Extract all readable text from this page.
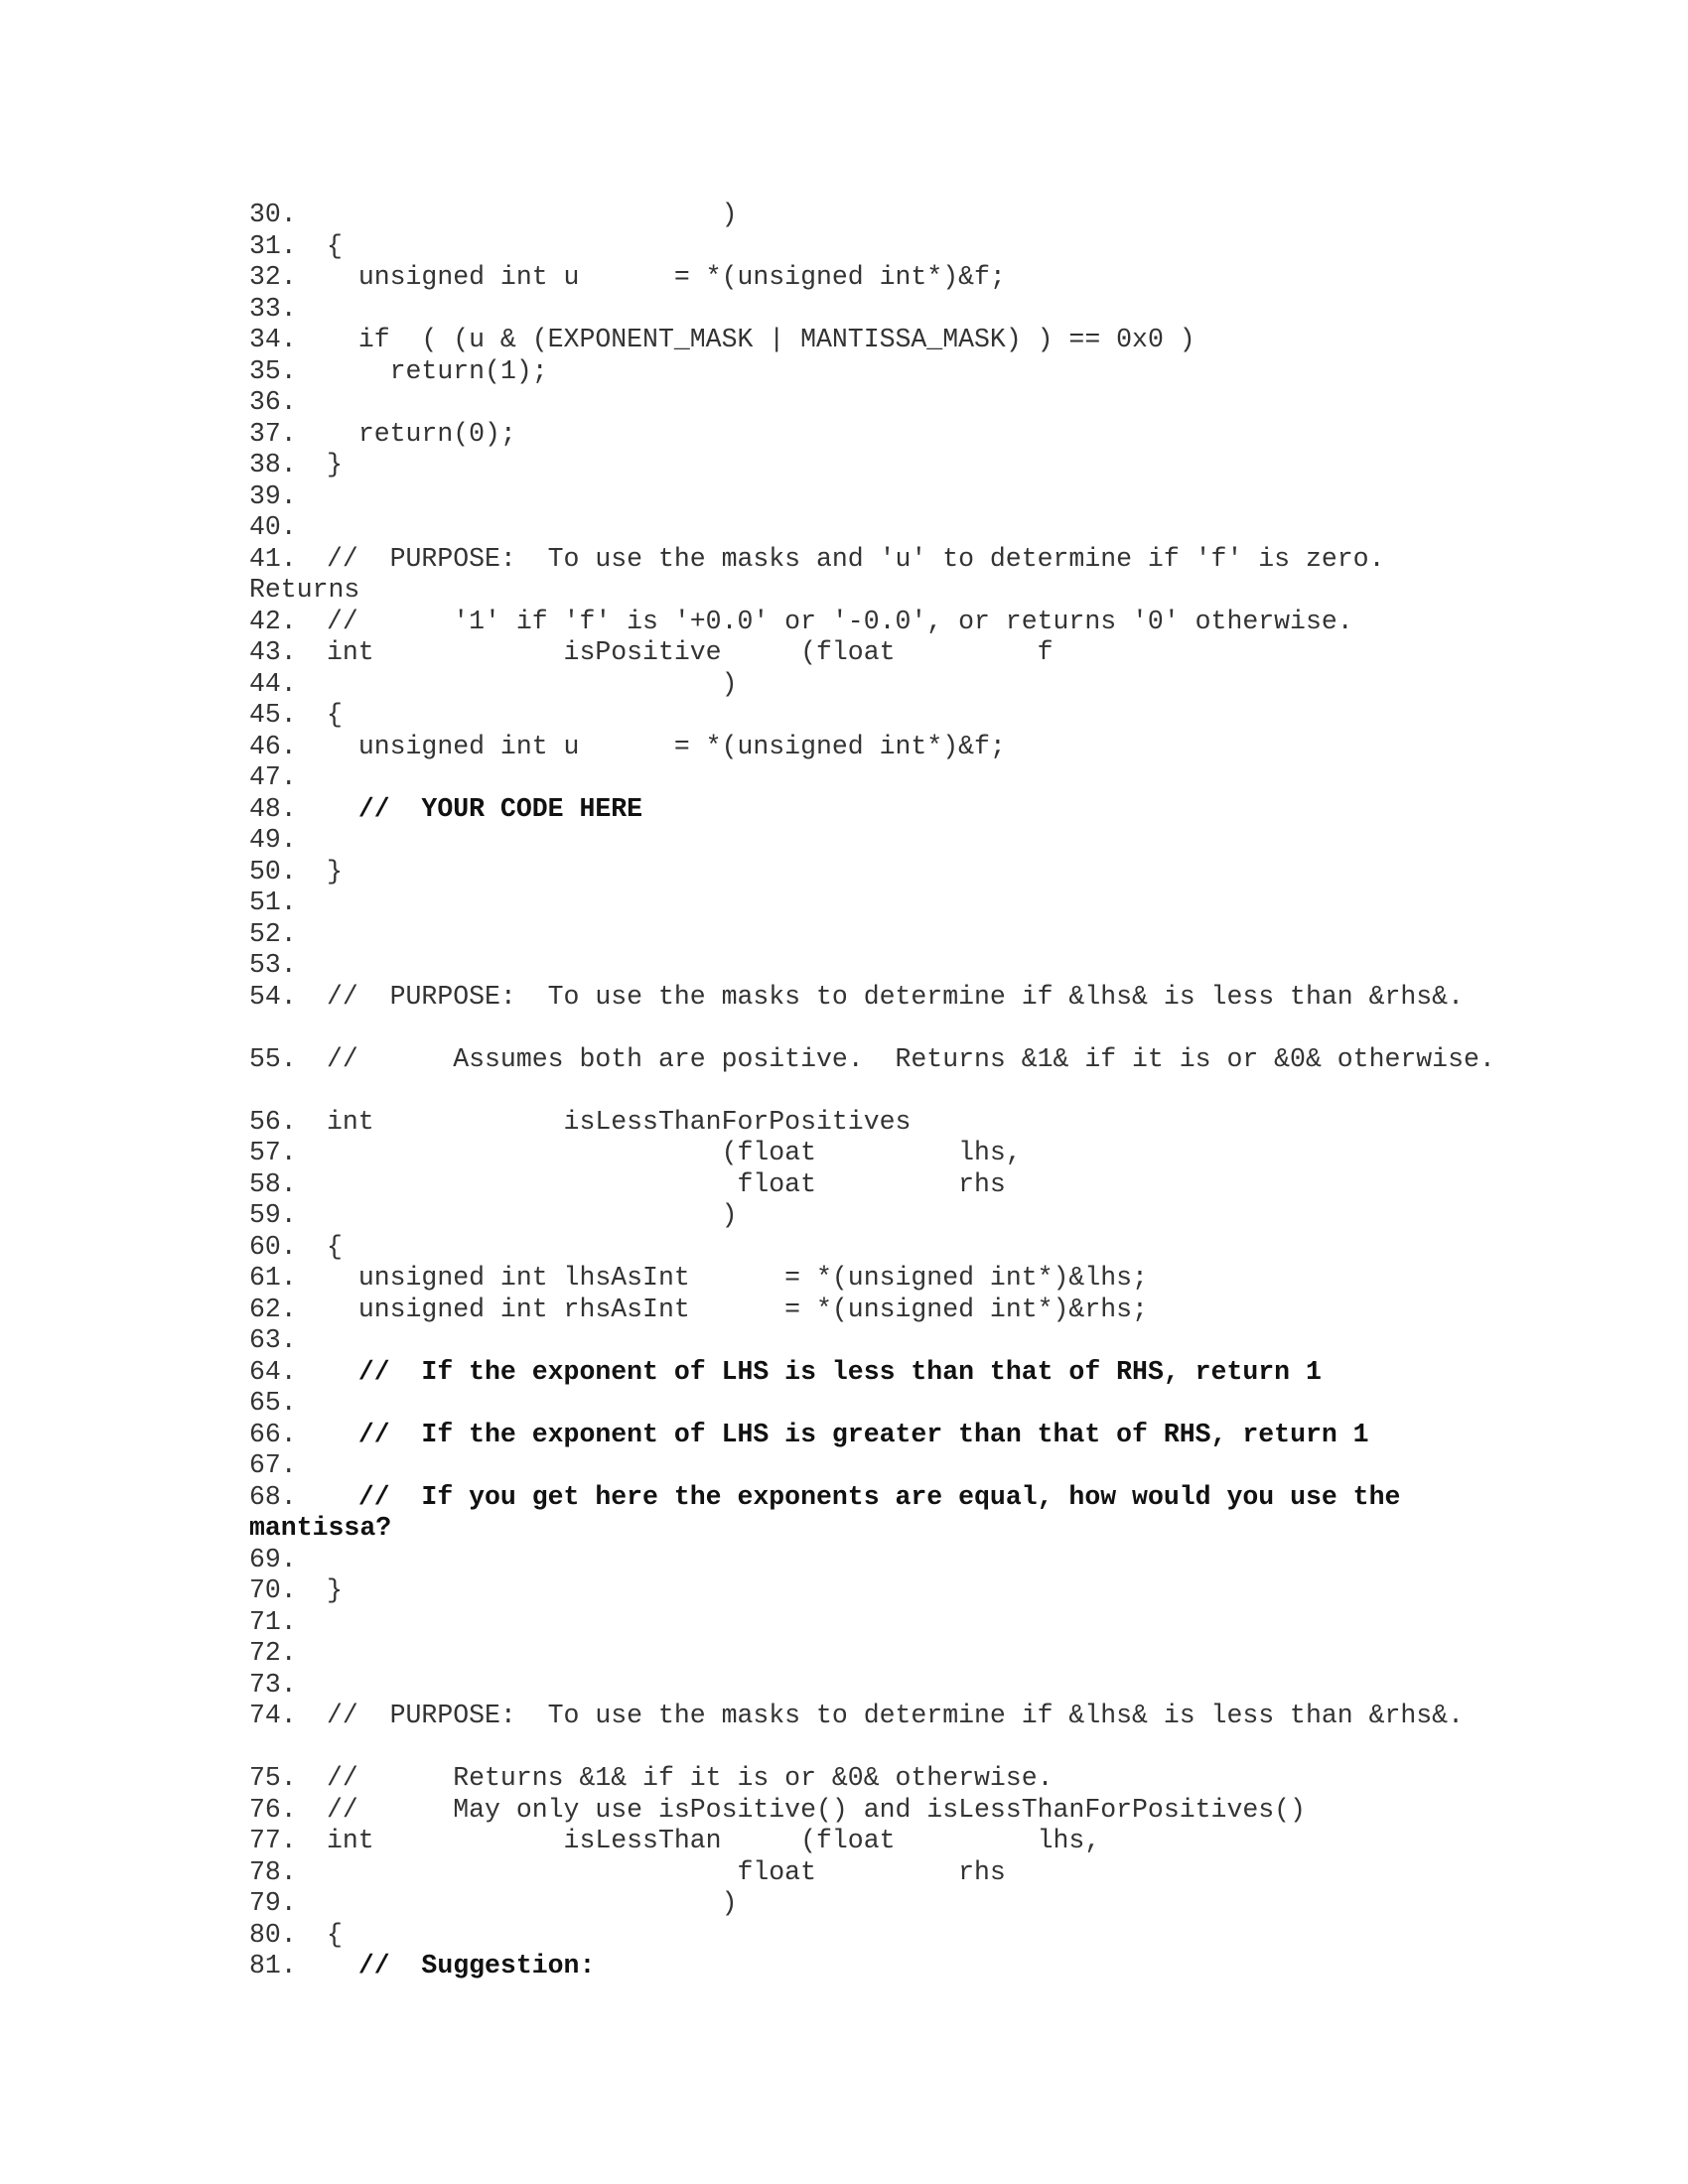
30.

	)

31.

	{

32.

	unsigned int u      = *(unsigned int*)&f;

33.

34.

	if  ( (u & (EXPONENT_MASK | MANTISSA_MASK) ) == 0x0 )

35.

	return(1);

36.

37.

	return(0);

38.

	}

39.

40.

41.

	//  PURPOSE:  To use the masks and 'u' to determine if 'f' is zero. Returns

42.

	//      '1' if 'f' is '+0.0' or '-0.0', or returns '0' otherwise.

43.

	int            isPositive     (float         f

44.

	)

45.

	{

46.

	unsigned int u      = *(unsigned int*)&f;

47.

48.

	//  YOUR CODE HERE

49.

50.

	}

51.

52.

53.

54.

	//  PURPOSE:  To use the masks to determine if &lhs& is less than &rhs&.

55.

	//      Assumes both are positive.  Returns &1& if it is or &0& otherwise.

56.

	int            isLessThanForPositives

57.

	(float         lhs,

58.

	float         rhs

59.

	)

60.

	{

61.

	unsigned int lhsAsInt      = *(unsigned int*)&lhs;

62.

	unsigned int rhsAsInt      = *(unsigned int*)&rhs;

63.

64.

	//  If the exponent of LHS is less than that of RHS, return 1

65.

66.

	//  If the exponent of LHS is greater than that of RHS, return 1

67.

68.

	//  If you get here the exponents are equal, how would you use the mantissa?

69.

70.

	}

71.

72.

73.

74.

	//  PURPOSE:  To use the masks to determine if &lhs& is less than &rhs&.

75.

	//      Returns &1& if it is or &0& otherwise.

76.

	//      May only use isPositive() and isLessThanForPositives()

77.

	int            isLessThan     (float         lhs,

78.

	float         rhs

79.

	)

80.

	{

81.

	//  Suggestion:
